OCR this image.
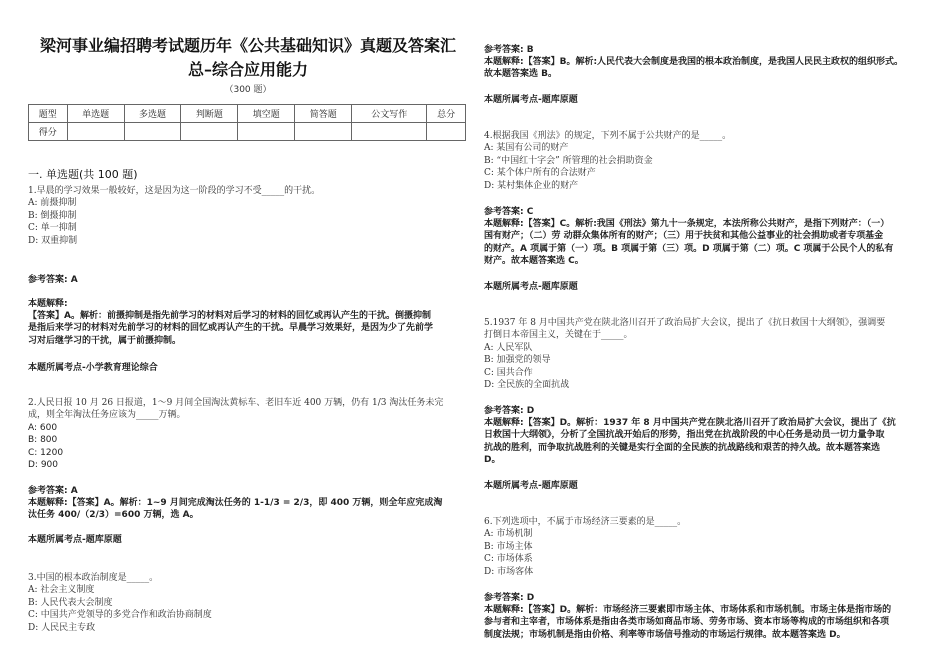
梁河事业编招聘考试题历年《公共基础知识》真题及答案汇
总–综合应用能力
（300 题）
题型	单选题	多选题	判断题	填空题	简答题	公文写作	总分
得分							
一. 单选题(共 100 题)
1.早晨的学习效果一般较好，这是因为这一阶段的学习不受_____的干扰。
A: 前摄抑制
B: 倒摄抑制
C: 单一抑制
D: 双重抑制
参考答案: A
本题解释:
【答案】A。解析：前摄抑制是指先前学习的材料对后学习的材料的回忆或再认产生的干扰。倒摄抑制
是指后来学习的材料对先前学习的材料的回忆或再认产生的干扰。早晨学习效果好，是因为少了先前学
习对后继学习的干扰，属于前摄抑制。
本题所属考点-小学教育理论综合
2.人民日报 10 月 26 日报道，1～9 月间全国淘汰黄标车、老旧车近 400 万辆，仍有 1/3 淘汰任务未完
成，则全年淘汰任务应该为_____万辆。
A: 600
B: 800
C: 1200
D: 900
参考答案: A
本题解释:【答案】A。解析：1~9 月间完成淘汰任务的 1-1/3 = 2/3，即 400 万辆，则全年应完成淘
汰任务 400/（2/3）=600 万辆，选 A。
本题所属考点-题库原题
3.中国的根本政治制度是_____。
A: 社会主义制度
B: 人民代表大会制度
C: 中国共产党领导的多党合作和政治协商制度
D: 人民民主专政
参考答案: B
本题解释:【答案】B。解析:人民代表大会制度是我国的根本政治制度，是我国人民民主政权的组织形式。
故本题答案选 B。
本题所属考点-题库原题
4.根据我国《刑法》的规定，下列不属于公共财产的是_____。
A: 某国有公司的财产
B: “中国红十字会” 所管理的社会捐助资金
C: 某个体户所有的合法财产
D: 某村集体企业的财产
参考答案: C
本题解释:【答案】C。解析:我国《刑法》第九十一条规定，本法所称公共财产，是指下列财产：（一）
国有财产；（二）劳 动群众集体所有的财产；（三）用于扶贫和其他公益事业的社会捐助或者专项基金
的财产。A 项属于第（一）项。B 项属于第（三）项。D 项属于第（二）项。C 项属于公民个人的私有
财产。故本题答案选 C。
本题所属考点-题库原题
5.1937 年 8 月中国共产党在陕北洛川召开了政治局扩大会议，提出了《抗日救国十大纲领》，强调要
打倒日本帝国主义，关键在于_____。
A: 人民军队
B: 加强党的领导
C: 国共合作
D: 全民族的全面抗战
参考答案: D
本题解释:【答案】D。解析：1937 年 8 月中国共产党在陕北洛川召开了政治局扩大会议，提出了《抗
日救国十大纲领》，分析了全国抗战开始后的形势，指出党在抗战阶段的中心任务是动员一切力量争取
抗战的胜利，而争取抗战胜利的关键是实行全面的全民族的抗战路线和艰苦的持久战。故本题答案选
D。
本题所属考点-题库原题
6.下列选项中，不属于市场经济三要素的是_____。
A: 市场机制
B: 市场主体
C: 市场体系
D: 市场客体
参考答案: D
本题解释:【答案】D。解析：市场经济三要素即市场主体、市场体系和市场机制。市场主体是指市场的
参与者和主宰者，市场体系是指由各类市场如商品市场、劳务市场、资本市场等构成的市场组织和各项
制度法规；市场机制是指由价格、利率等市场信号推动的市场运行规律。故本题答案选 D。
